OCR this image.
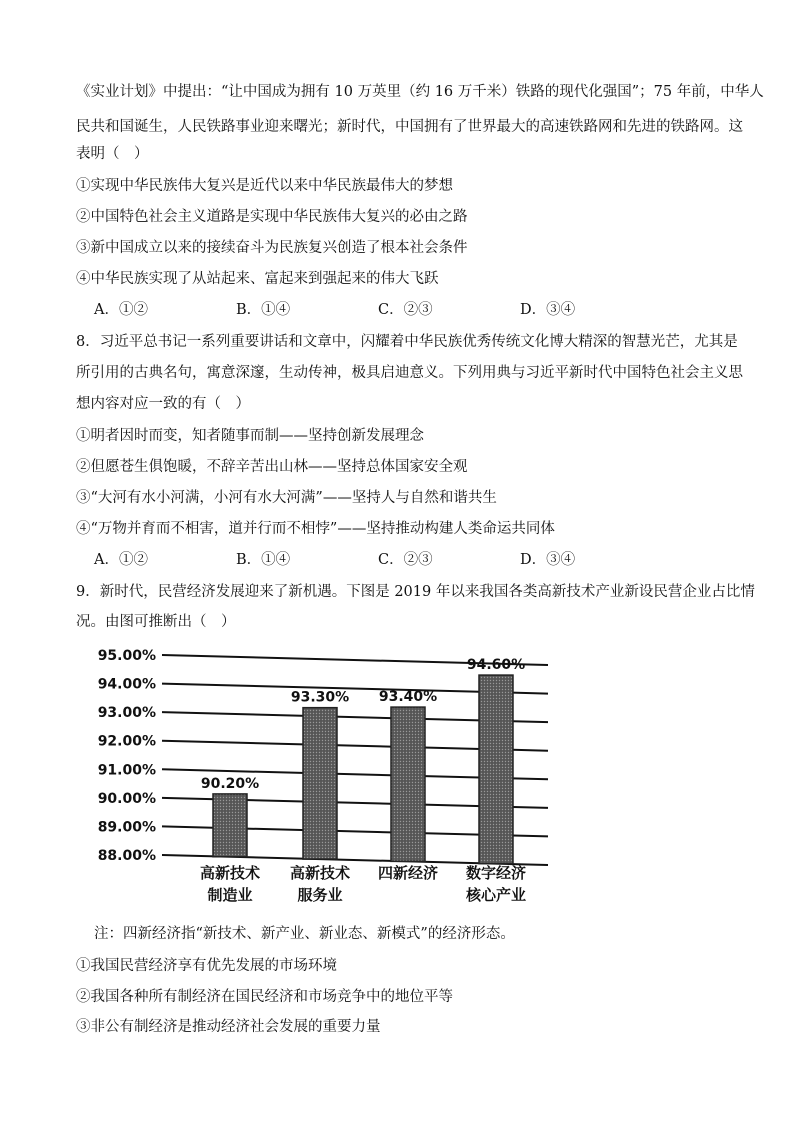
《实业计划》中提出：“让中国成为拥有 10 万英里（约 16 万千米）铁路的现代化强国”；75 年前，中华人
民共和国诞生，人民铁路事业迎来曙光；新时代，中国拥有了世界最大的高速铁路网和先进的铁路网。这
表明（　）
①实现中华民族伟大复兴是近代以来中华民族最伟大的梦想
②中国特色社会主义道路是实现中华民族伟大复兴的必由之路
③新中国成立以来的接续奋斗为民族复兴创造了根本社会条件
④中华民族实现了从站起来、富起来到强起来的伟大飞跃
A．①②	B．①④	C．②③	D．③④
8．习近平总书记一系列重要讲话和文章中，闪耀着中华民族优秀传统文化博大精深的智慧光芒，尤其是
所引用的古典名句，寓意深邃，生动传神，极具启迪意义。下列用典与习近平新时代中国特色社会主义思
想内容对应一致的有（　）
①明者因时而变，知者随事而制——坚持创新发展理念
②但愿苍生俱饱暖，不辞辛苦出山林——坚持总体国家安全观
③“大河有水小河满，小河有水大河满”——坚持人与自然和谐共生
④“万物并育而不相害，道并行而不相悖”——坚持推动构建人类命运共同体
A．①②	B．①④	C．②③	D．③④
9．新时代，民营经济发展迎来了新机遇。下图是 2019 年以来我国各类高新技术产业新设民营企业占比情
况。由图可推断出（　）
95.00%
94.00%
93.00%
92.00%
91.00%
90.00%
89.00%
88.00%
90.20%
高新技术
制造业
93.30%
高新技术
服务业
93.40%
四新经济
94.60%
数字经济
核心产业
注：四新经济指“新技术、新产业、新业态、新模式”的经济形态。
①我国民营经济享有优先发展的市场环境
②我国各种所有制经济在国民经济和市场竞争中的地位平等
③非公有制经济是推动经济社会发展的重要力量
